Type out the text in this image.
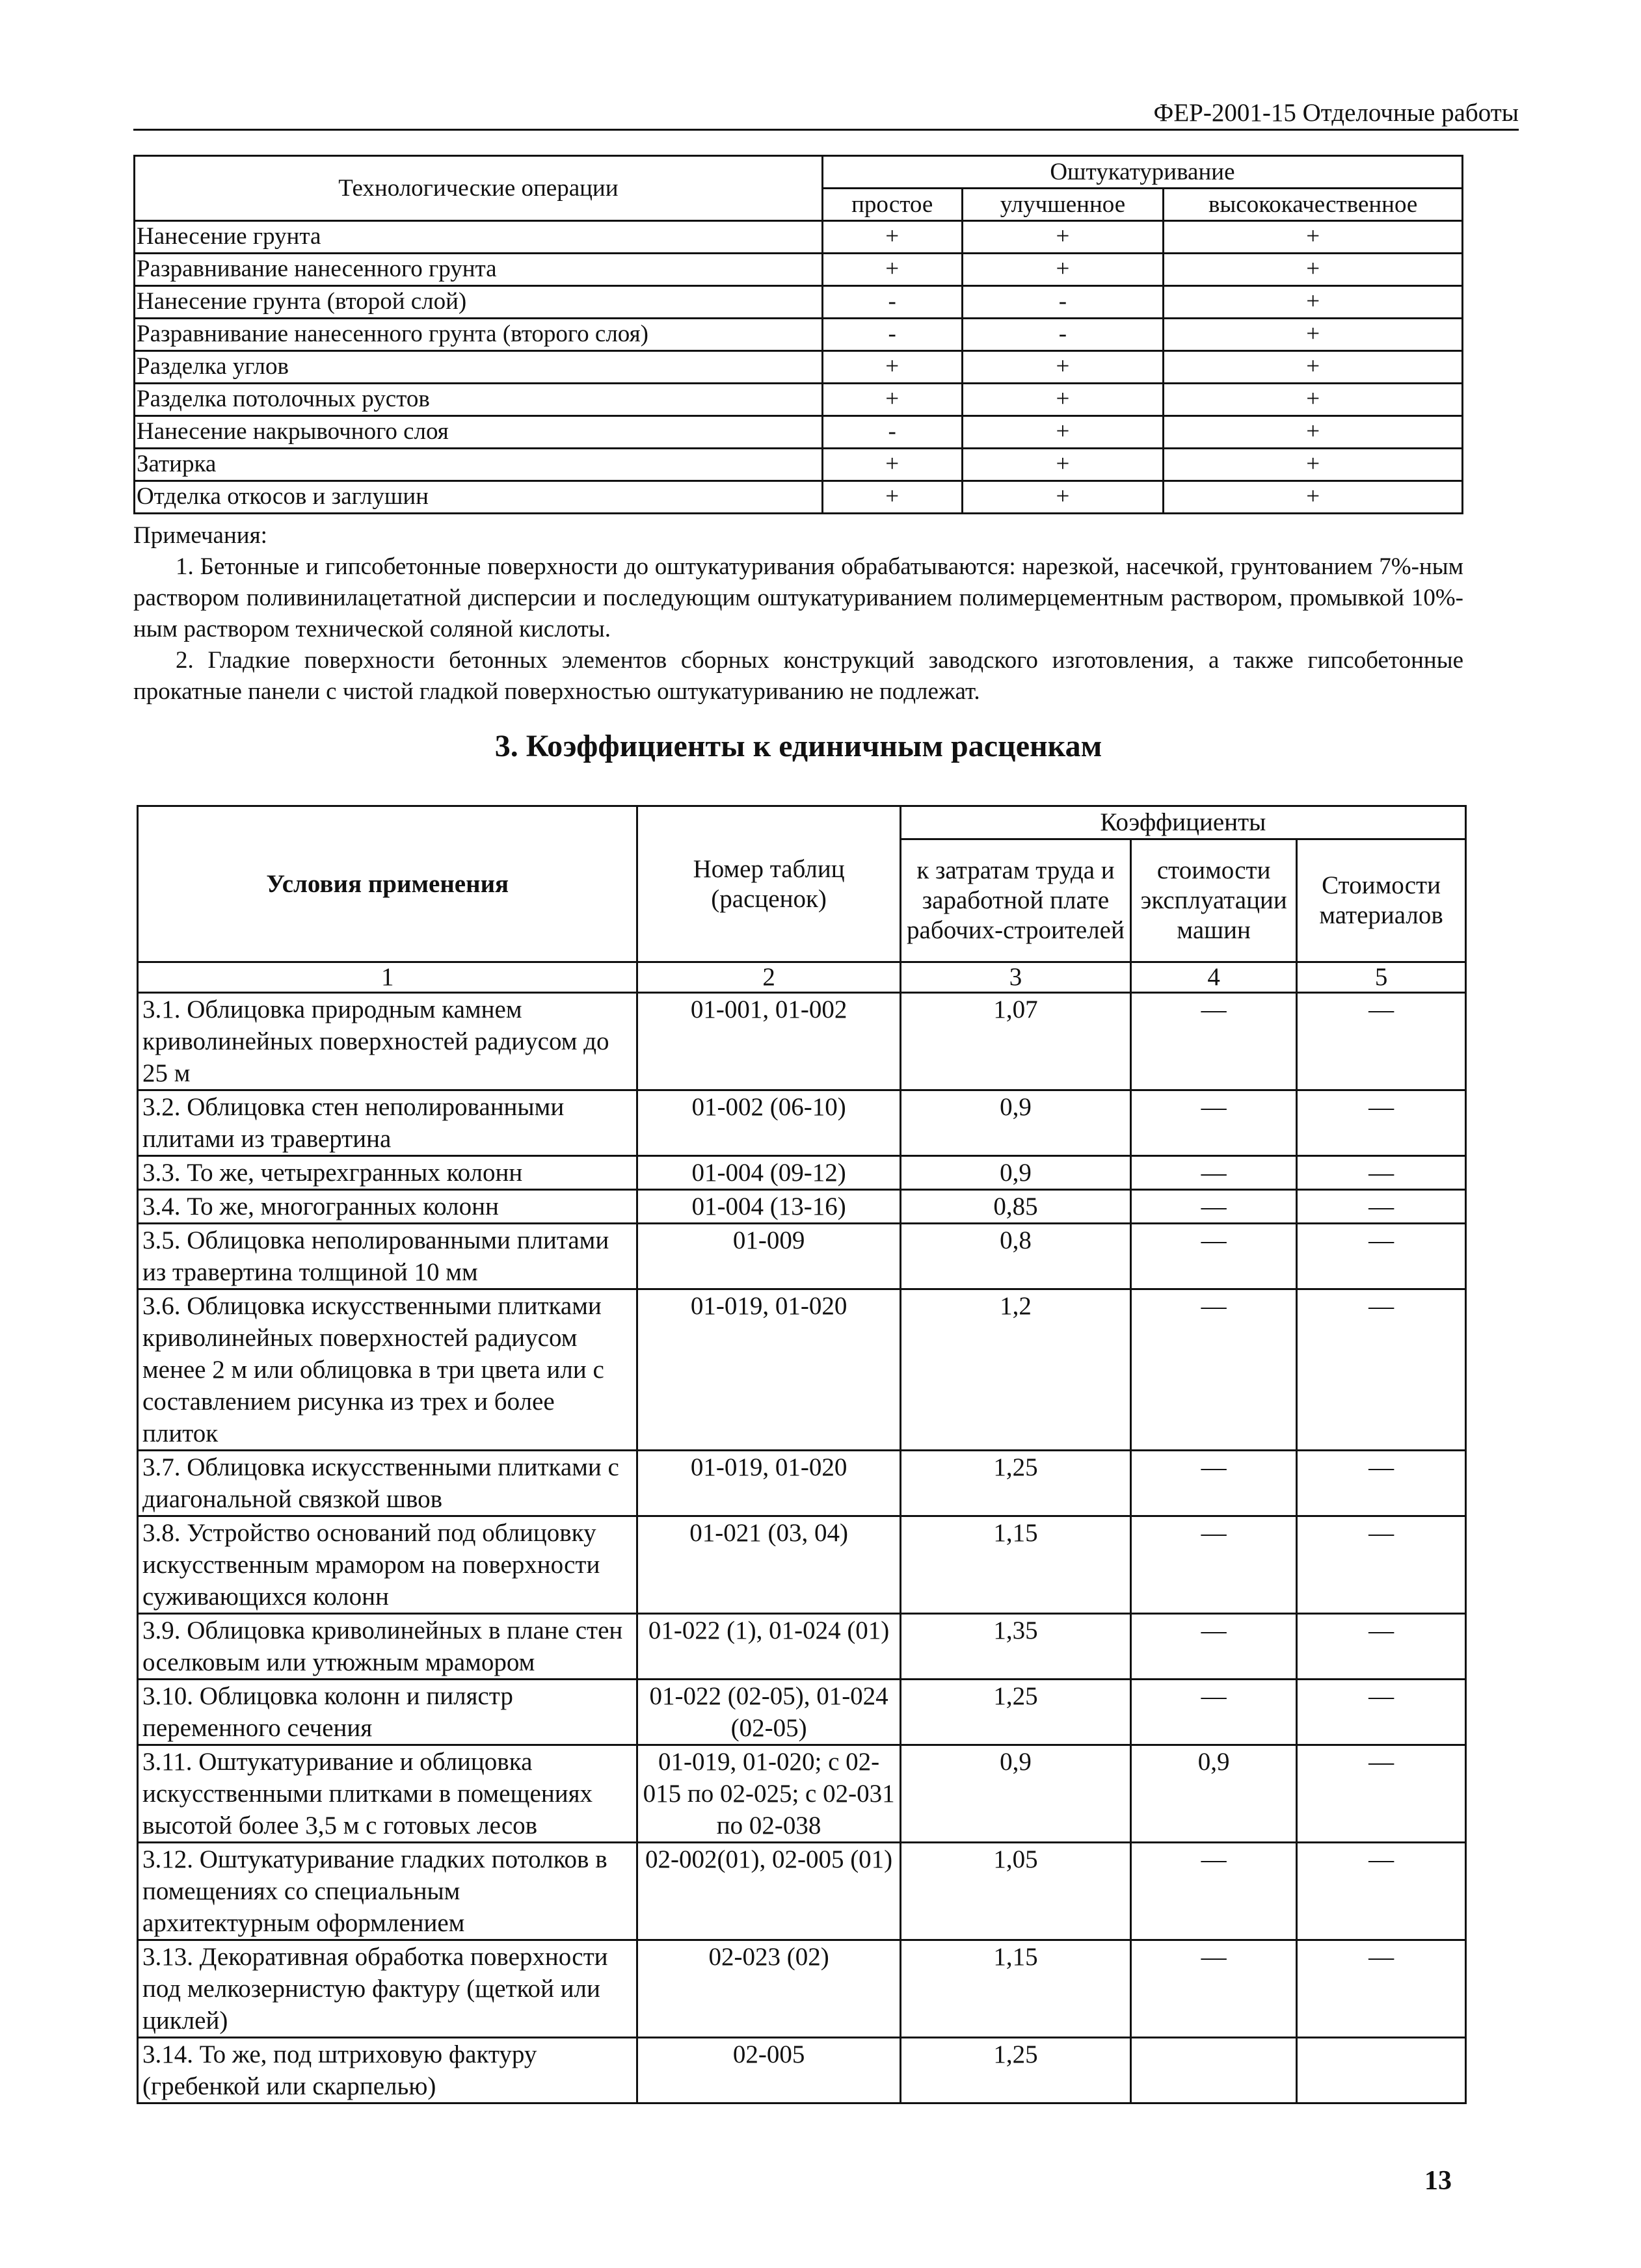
ФЕР-2001-15 Отделочные работы
Технологические операции	Оштукатуривание		
	простое	улучшенное	высококачественное
Нанесение грунта	+	+	+
Разравнивание нанесенного грунта	+	+	+
Нанесение грунта (второй слой)	-	-	+
Разравнивание нанесенного грунта (второго слоя)	-	-	+
Разделка углов	+	+	+
Разделка потолочных рустов	+	+	+
Нанесение накрывочного слоя	-	+	+
Затирка	+	+	+
Отделка откосов и заглушин	+	+	+

Примечания:

1. Бетонные и гипсобетонные поверхности до оштукатуривания обрабатываются: нарезкой, насечкой, грунтованием 7%-ным раствором поливинилацетатной дисперсии и последующим оштукатуриванием полимерцементным раствором, промывкой 10%-ным раствором технической соляной кислоты.

2. Гладкие поверхности бетонных элементов сборных конструкций заводского изготовления, а также гипсобетонные прокатные панели с чистой гладкой поверхностью оштукатуриванию не подлежат.

3. Коэффициенты к единичным расценкам
Условия применения	Номер таблиц (расценок)	Коэффициенты		
		к затратам труда и заработной плате рабочих-строителей	стоимости эксплуатации машин	Стоимости материалов
1	2	3	4	5
3.1. Облицовка природным камнем криволинейных поверхностей радиусом до 25 м	01-001, 01-002	1,07	—	—
3.2. Облицовка стен неполированными плитами из травертина	01-002 (06-10)	0,9	—	—
3.3. То же, четырехгранных колонн	01-004 (09-12)	0,9	—	—
3.4. То же, многогранных колонн	01-004 (13-16)	0,85	—	—
3.5. Облицовка неполированными плитами из травертина толщиной 10 мм	01-009	0,8	—	—
3.6. Облицовка искусственными плитками криволинейных поверхностей радиусом менее 2 м или облицовка в три цвета или с составлением рисунка из трех и более плиток	01-019, 01-020	1,2	—	—
3.7. Облицовка искусственными плитками с диагональной связкой швов	01-019, 01-020	1,25	—	—
3.8. Устройство оснований под облицовку искусственным мрамором на поверхности суживающихся колонн	01-021 (03, 04)	1,15	—	—
3.9. Облицовка криволинейных в плане стен оселковым или утюжным мрамором	01-022 (1), 01-024 (01)	1,35	—	—
3.10. Облицовка колонн и пилястр переменного сечения	01-022 (02-05), 01-024 (02-05)	1,25	—	—
3.11. Оштукатуривание и облицовка искусственными плитками в помещениях высотой более 3,5 м с готовых лесов	01-019, 01-020; с 02-015 по 02-025; с 02-031 по 02-038	0,9	0,9	—
3.12. Оштукатуривание гладких потолков в помещениях со специальным архитектурным оформлением	02-002(01), 02-005 (01)	1,05	—	—
3.13. Декоративная обработка поверхности под мелкозернистую фактуру (щеткой или циклей)	02-023 (02)	1,15	—	—
3.14. То же, под штриховую фактуру (гребенкой или скарпелью)	02-005	1,25		
13
